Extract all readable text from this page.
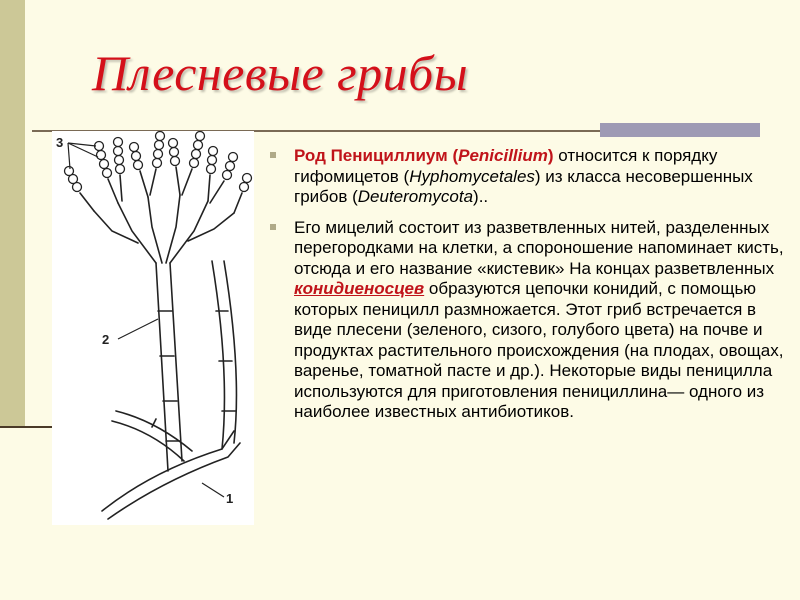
Плесневые грибы
3
2
1
Род Пенициллиум (Penicillium) относится к порядку гифомицетов (Hyphomycetales) из класса несовершенных грибов (Deuteromycota)..
Его мицелий состоит из разветвленных нитей, разделенных перегородками на клетки, а спороношение напоминает кисть, отсюда и его название «кистевик» На концах разветвленных конидиеносцев образуются цепочки конидий, с помощью которых пеницилл размножается. Этот гриб встречается в виде плесени (зеленого, сизого, голубого цвета) на почве и продуктах растительного происхождения (на плодах, овощах, варенье, томатной пасте и др.). Некоторые виды пеницилла используются для приготовления пенициллина— одного из наиболее известных антибиотиков.
